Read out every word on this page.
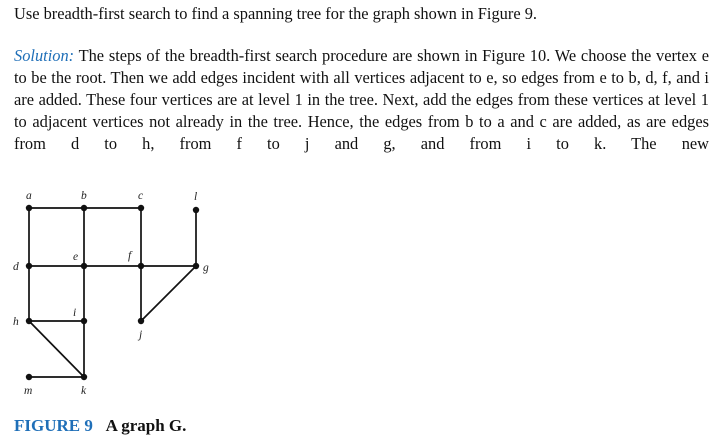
Use breadth-first search to find a spanning tree for the graph shown in Figure 9.

Solution: The steps of the breadth-first search procedure are shown in Figure 10. We choose the vertex e to be the root. Then we add edges incident with all vertices adjacent to e, so edges from e to b, d, f, and i are added. These four vertices are at level 1 in the tree. Next, add the edges from these vertices at level 1 to adjacent vertices not already in the tree. Hence, the edges from b to a and c are added, as are edges from d to h, from f to j and g, and from i to k. The new

a	b	c	l
d
e	f
g
h
i
j
m	k

FIGURE 9 A graph G.
